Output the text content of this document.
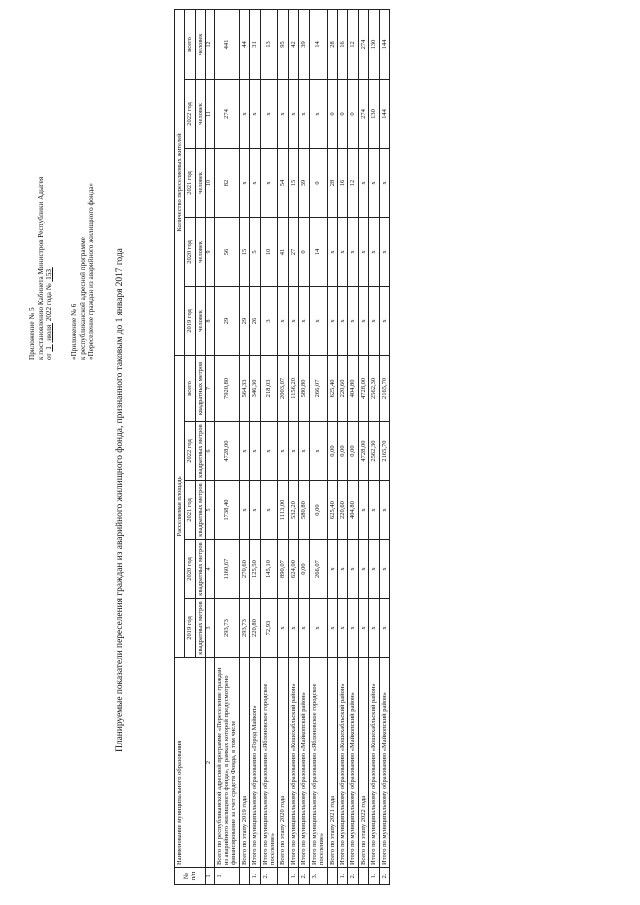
Приложение № 5 к постановлению Кабинета Министров Республики Адыгея от  1   июля  2022 года №  153
«Приложение № 6 к республиканской адресной программе «Переселение граждан из аварийного жилищного фонда» Планируемые показатели переселения граждан из аварийного жилищного фонда, признанного таковым до 1 января 2017 года
№ п/п	Наименование муниципального образования	Расселяемая площадь					Количество переселяемых жителей				
		2019 год	2020 год	2021 год	2022 год	всего	2019 год	2020 год	2021 год	2022 год	всего
		квадратных метров	квадратных метров	квадратных метров	квадратных метров	квадратных метров	человек	человек	человек	человек	человек
1	2	3	4	5	6	7	8	9	10	11	12
1	Всего по республиканской адресной программе «Переселение граждан из аварийного жилищного фонда», в рамках которой предусмотрено финансирование за счет средств Фонда, в том числе	293,73	1160,67	1738,40	4728,00	7920,80	29	56	82	274	441
	Всего по этапу 2019 года	293,73	270,60	х	х	564,33	29	15	х	х	44
1.	Итого по муниципальному образованию «Город Майкоп»	220,80	125,50	х	х	346,30	26	5	х	х	31
2.	Итого по муниципальному образованию «Яблоновское городское поселение»	72,93	145,10	х	х	218,03	3	10	х	х	13
	Всего по этапу 2020 года	х	890,07	1113,00	х	2003,07	х	41	54	х	95
1.	Итого по муниципальному образованию «Кошехабльский район»	х	624,00	532,20	х	1156,20	х	27	15	х	42
2.	Итого по муниципальному образованию «Майкопский район»	х	0,00	580,80	х	580,80	х	0	39	х	39
3.	Итого по муниципальному образованию «Яблоновское городское поселение»	х	266,07	0,00	х	266,07	х	14	0	х	14
	Всего по этапу 2021 года	х	х	625,40	0,00	625,40	х	х	28	0	28
1.	Итого по муниципальному образованию «Кошехабльский район»	х	х	220,60	0,00	220,60	х	х	16	0	16
2.	Итого по муниципальному образованию «Майкопский район»	х	х	404,80	0,00	404,80	х	х	12	0	12
	Всего по этапу 2022 года	х	х	х	4728,00	4728,00	х	х	х	274	274
1.	Итого по муниципальному образованию «Кошехабльский район»	х	х	х	2562,30	2562,30	х	х	х	130	130
2.	Итого по муниципальному образованию «Майкопский район»	х	х	х	2165,70	2165,70	х	х	х	144	144
